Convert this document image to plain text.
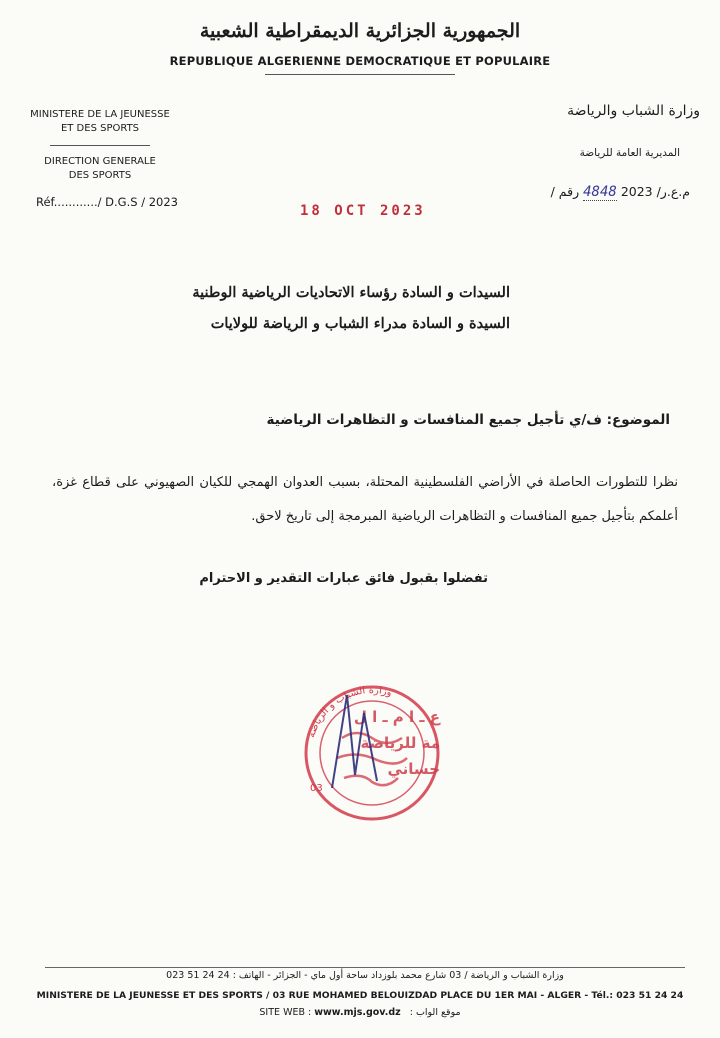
الجمهورية الجزائرية الديمقراطية الشعبية
REPUBLIQUE ALGERIENNE DEMOCRATIQUE ET POPULAIRE
MINISTERE DE LA JEUNESSE
ET DES SPORTS
DIRECTION GENERALE
DES SPORTS
Réf............/ D.G.S / 2023
وزارة الشباب والرياضة
المديرية العامة للرياضة
/ م.ع.ر/ 2023 4848 رقم
18 OCT 2023
السيدات و السادة رؤساء الاتحاديات الرياضية الوطنية
السيدة و السادة مدراء الشباب و الرياضة للولايات
الموضوع: ف/ي تأجيل جميع المنافسات و التظاهرات الرياضية
نظرا للتطورات الحاصلة في الأراضي الفلسطينية المحتلة، بسبب العدوان الهمجي للكيان الصهيوني على قطاع غزة، أعلمكم بتأجيل جميع المنافسات و التظاهرات الرياضية المبرمجة إلى تاريخ لاحق.
تفضلوا بقبول فائق عبارات التقدير و الاحترام
ع ـ ا م ـ ا ل
مة للرياضة
حساني
وزارة الشباب و الرياضة
03
وزارة الشباب و الرياضة / 03 شارع محمد بلوزداد ساحة أول ماي - الجزائر - الهاتف : 24 24 51 023
MINISTERE DE LA JEUNESSE ET DES SPORTS / 03 RUE MOHAMED BELOUIZDAD PLACE DU 1ER MAI - ALGER - Tél.: 023 51 24 24
SITE WEB : www.mjs.gov.dz : موقع الواب
